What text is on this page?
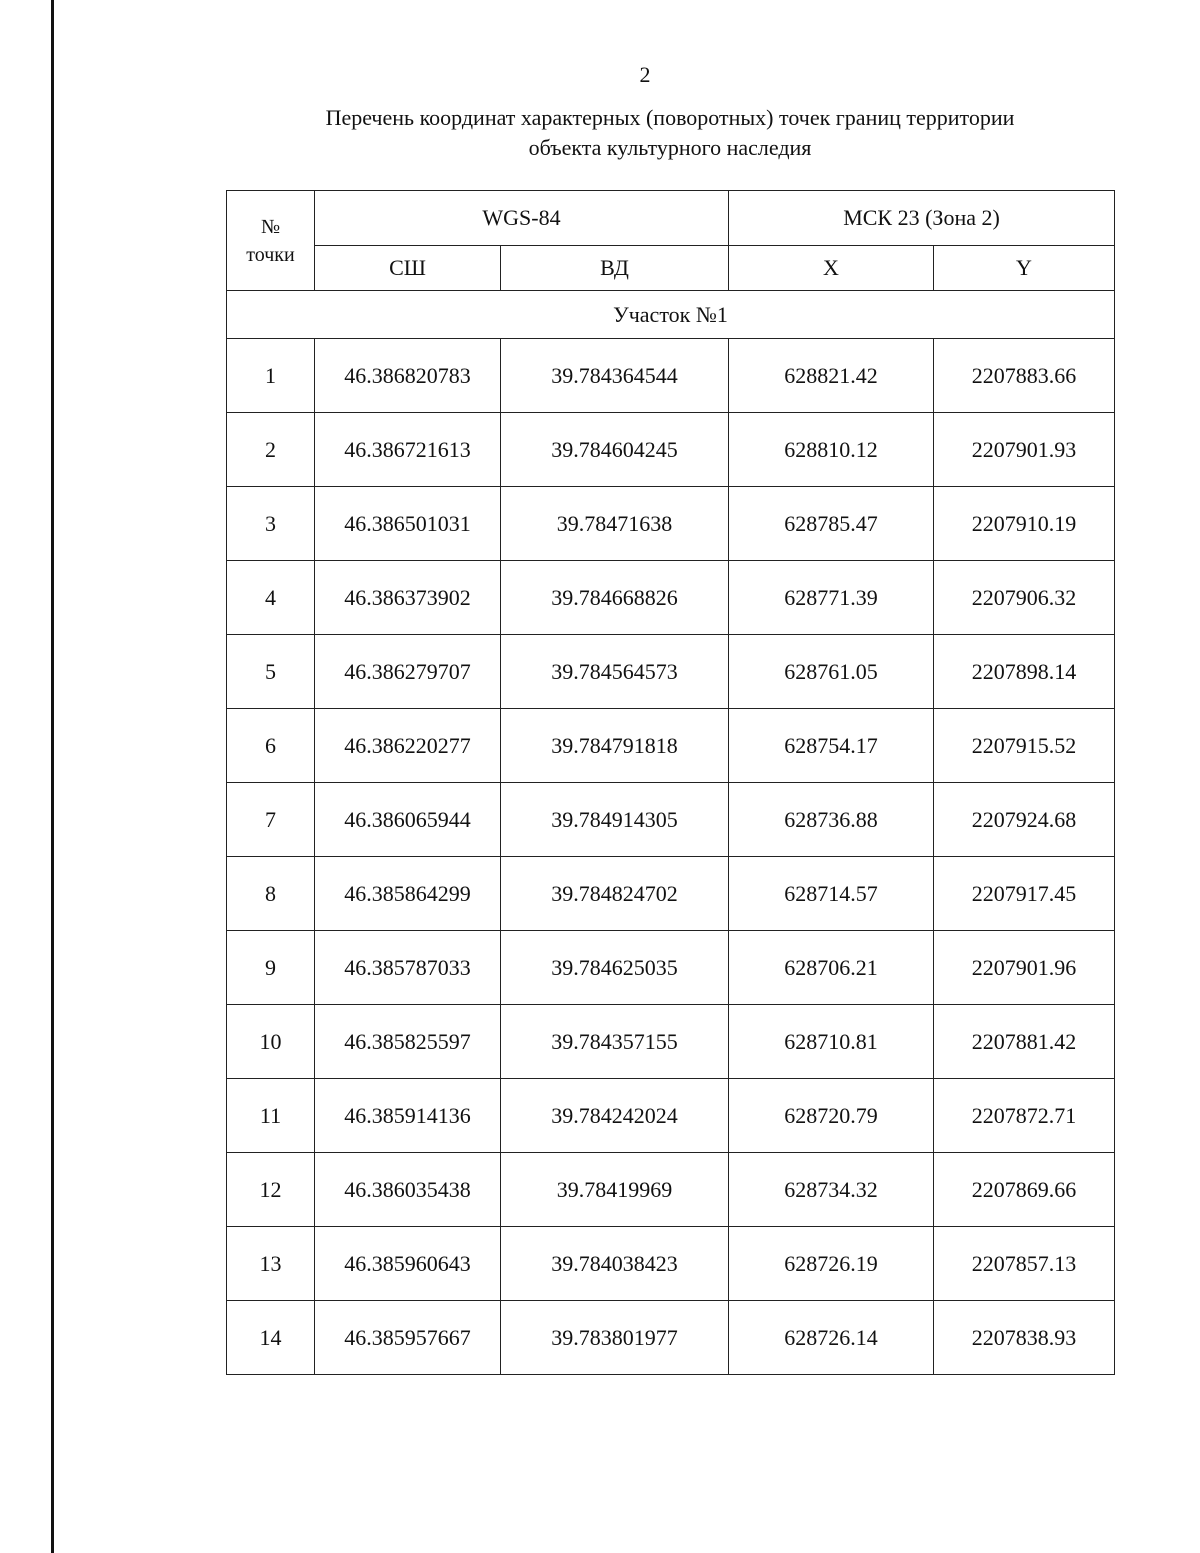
2
Перечень координат характерных (поворотных) точек границ территории
объекта культурного наследия
№
точки	WGS-84		МСК 23 (Зона 2)	
	СШ	ВД	X	Y
Участок №1				
1	46.386820783	39.784364544	628821.42	2207883.66
2	46.386721613	39.784604245	628810.12	2207901.93
3	46.386501031	39.78471638	628785.47	2207910.19
4	46.386373902	39.784668826	628771.39	2207906.32
5	46.386279707	39.784564573	628761.05	2207898.14
6	46.386220277	39.784791818	628754.17	2207915.52
7	46.386065944	39.784914305	628736.88	2207924.68
8	46.385864299	39.784824702	628714.57	2207917.45
9	46.385787033	39.784625035	628706.21	2207901.96
10	46.385825597	39.784357155	628710.81	2207881.42
11	46.385914136	39.784242024	628720.79	2207872.71
12	46.386035438	39.78419969	628734.32	2207869.66
13	46.385960643	39.784038423	628726.19	2207857.13
14	46.385957667	39.783801977	628726.14	2207838.93
